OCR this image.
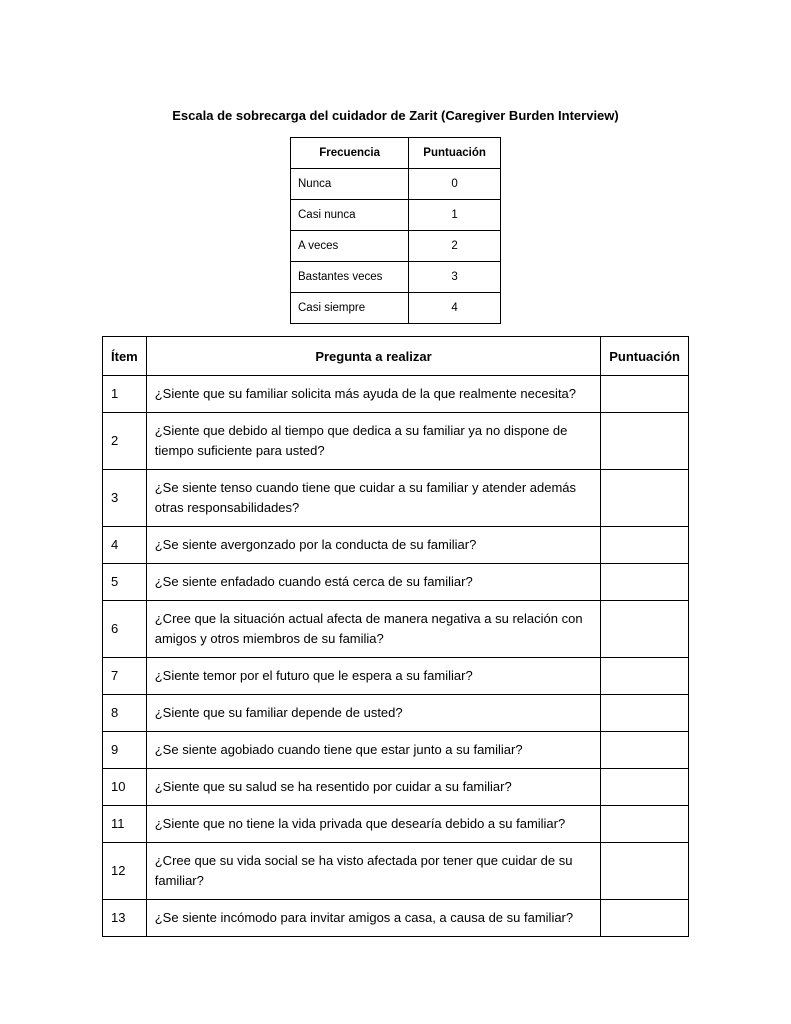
Escala de sobrecarga del cuidador de Zarit (Caregiver Burden Interview)
Frecuencia	Puntuación
Nunca	0
Casi nunca	1
A veces	2
Bastantes veces	3
Casi siempre	4
Ítem	Pregunta a realizar	Puntuación
1	¿Siente que su familiar solicita más ayuda de la que realmente necesita?	
2	¿Siente que debido al tiempo que dedica a su familiar ya no dispone de tiempo suficiente para usted?	
3	¿Se siente tenso cuando tiene que cuidar a su familiar y atender además otras responsabilidades?	
4	¿Se siente avergonzado por la conducta de su familiar?	
5	¿Se siente enfadado cuando está cerca de su familiar?	
6	¿Cree que la situación actual afecta de manera negativa a su relación con amigos y otros miembros de su familia?	
7	¿Siente temor por el futuro que le espera a su familiar?	
8	¿Siente que su familiar depende de usted?	
9	¿Se siente agobiado cuando tiene que estar junto a su familiar?	
10	¿Siente que su salud se ha resentido por cuidar a su familiar?	
11	¿Siente que no tiene la vida privada que desearía debido a su familiar?	
12	¿Cree que su vida social se ha visto afectada por tener que cuidar de su familiar?	
13	¿Se siente incómodo para invitar amigos a casa, a causa de su familiar?	
